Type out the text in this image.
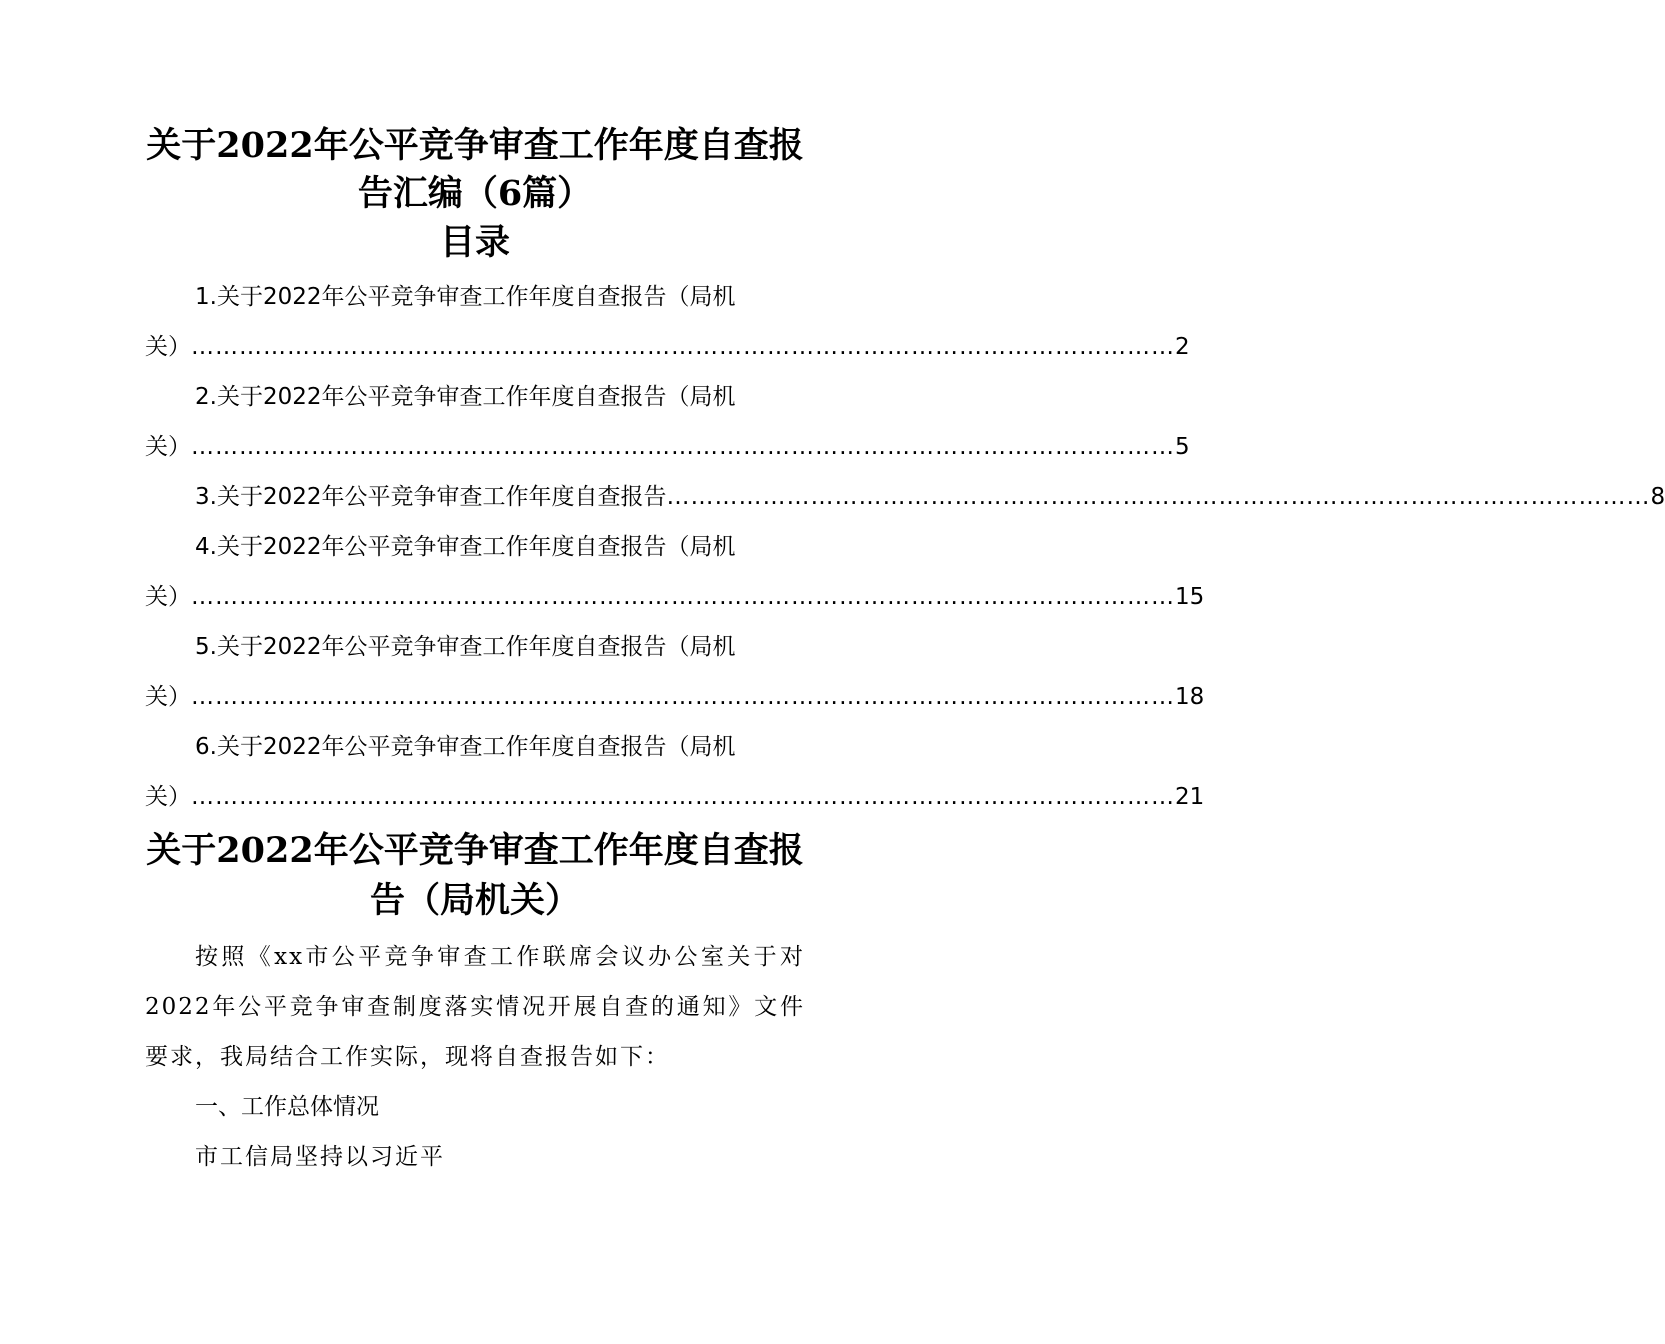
关于2022年公平竞争审查工作年度自查报
告汇编（6篇）
目录
1.关于2022年公平竞争审查工作年度自查报告（局机
关） …………………………………………………………………………………………………………… 2
2.关于2022年公平竞争审查工作年度自查报告（局机
关） …………………………………………………………………………………………………………… 5
3.关于2022年公平竞争审查工作年度自查报告 …………………………………………………………………………………………………………… 8
4.关于2022年公平竞争审查工作年度自查报告（局机
关） …………………………………………………………………………………………………………… 15
5.关于2022年公平竞争审查工作年度自查报告（局机
关） …………………………………………………………………………………………………………… 18
6.关于2022年公平竞争审查工作年度自查报告（局机
关） …………………………………………………………………………………………………………… 21
关于2022年公平竞争审查工作年度自查报
告（局机关）

按照《xx市公平竞争审查工作联席会议办公室关于对2022年公平竞争审查制度落实情况开展自查的通知》文件要求，我局结合工作实际，现将自查报告如下：

一、工作总体情况

市工信局坚持以习近平
